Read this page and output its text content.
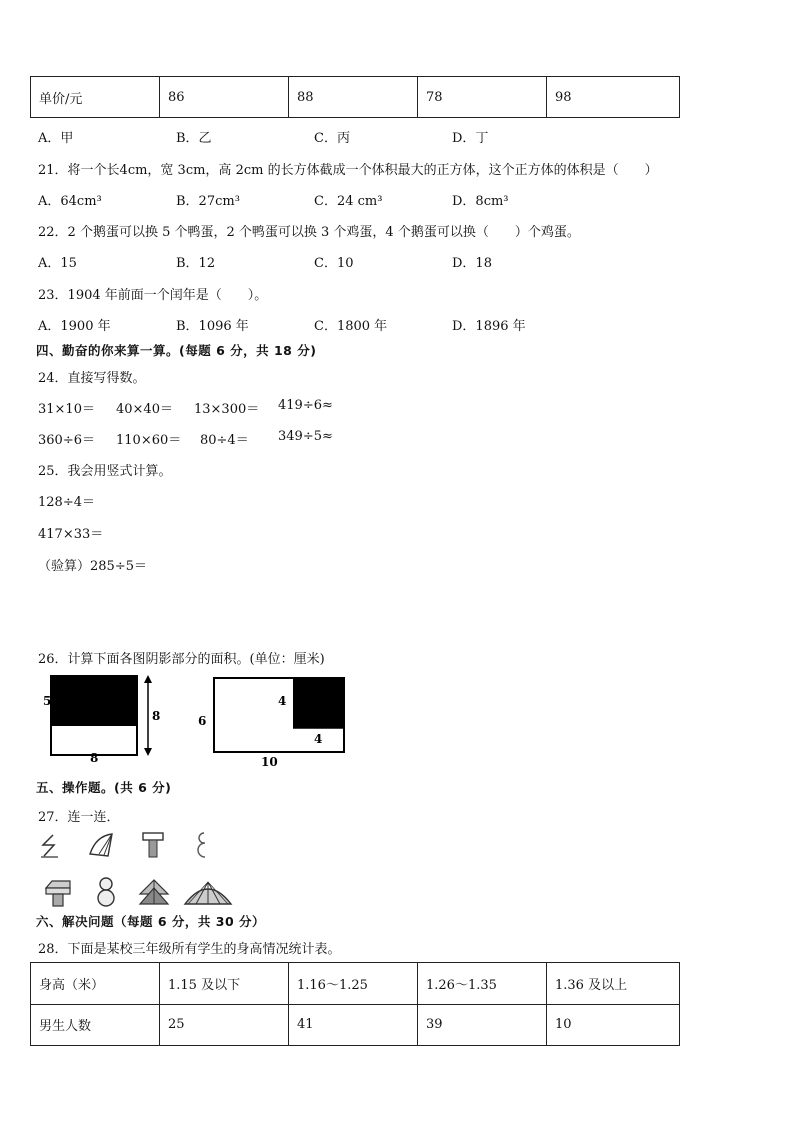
单价/元	86	88	78	98
A．甲	B．乙	C．丙	D．丁
21．将一个长4cm，宽 3cm，高 2cm 的长方体截成一个体积最大的正方体，这个正方体的体积是（　　）
A．64cm³	B．27cm³	C．24 cm³	D．8cm³
22．2 个鹅蛋可以换 5 个鸭蛋，2 个鸭蛋可以换 3 个鸡蛋，4 个鹅蛋可以换（　　）个鸡蛋。
A．15	B．12	C．10	D．18
23．1904 年前面一个闰年是（　　）。
A．1900 年	B．1096 年	C．1800 年	D．1896 年
四、勤奋的你来算一算。(每题 6 分，共 18 分)
24．直接写得数。
31×10＝ 40×40＝ 13×300＝ 419÷6≈
360÷6＝ 110×60＝ 80÷4＝ 349÷5≈
25．我会用竖式计算。
128÷4＝
417×33＝
（验算）285÷5＝
26．计算下面各图阴影部分的面积。(单位：厘米)
5
8
8
6
4
4
10
五、操作题。(共 6 分)
27．连一连．
六、解决问题（每题 6 分，共 30 分）
28．下面是某校三年级所有学生的身高情况统计表。
身高（米）	1.15 及以下	1.16～1.25	1.26～1.35	1.36 及以上
男生人数	25	41	39	10
